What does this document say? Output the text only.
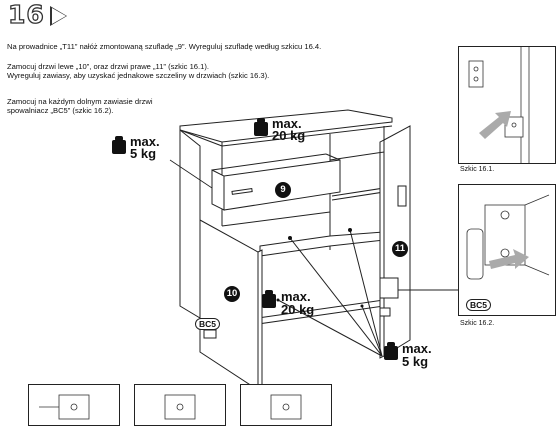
16
Na prowadnice „T11” nałóż zmontowaną szufladę „9”. Wyreguluj szufladę według szkicu 16.4.
Zamocuj drzwi lewe „10”, oraz drzwi prawe „11” (szkic 16.1).
Wyreguluj zawiasy, aby uzyskać jednakowe szczeliny w drzwiach (szkic 16.3).
Zamocuj na każdym dolnym zawiasie drzwi
spowalniacz „BC5” (szkic 16.2).
max.
20 kg
max.
5 kg
max.
20 kg
max.
5 kg
9
10
11
BC5
Szkic 16.1.
BC5
Szkic 16.2.
